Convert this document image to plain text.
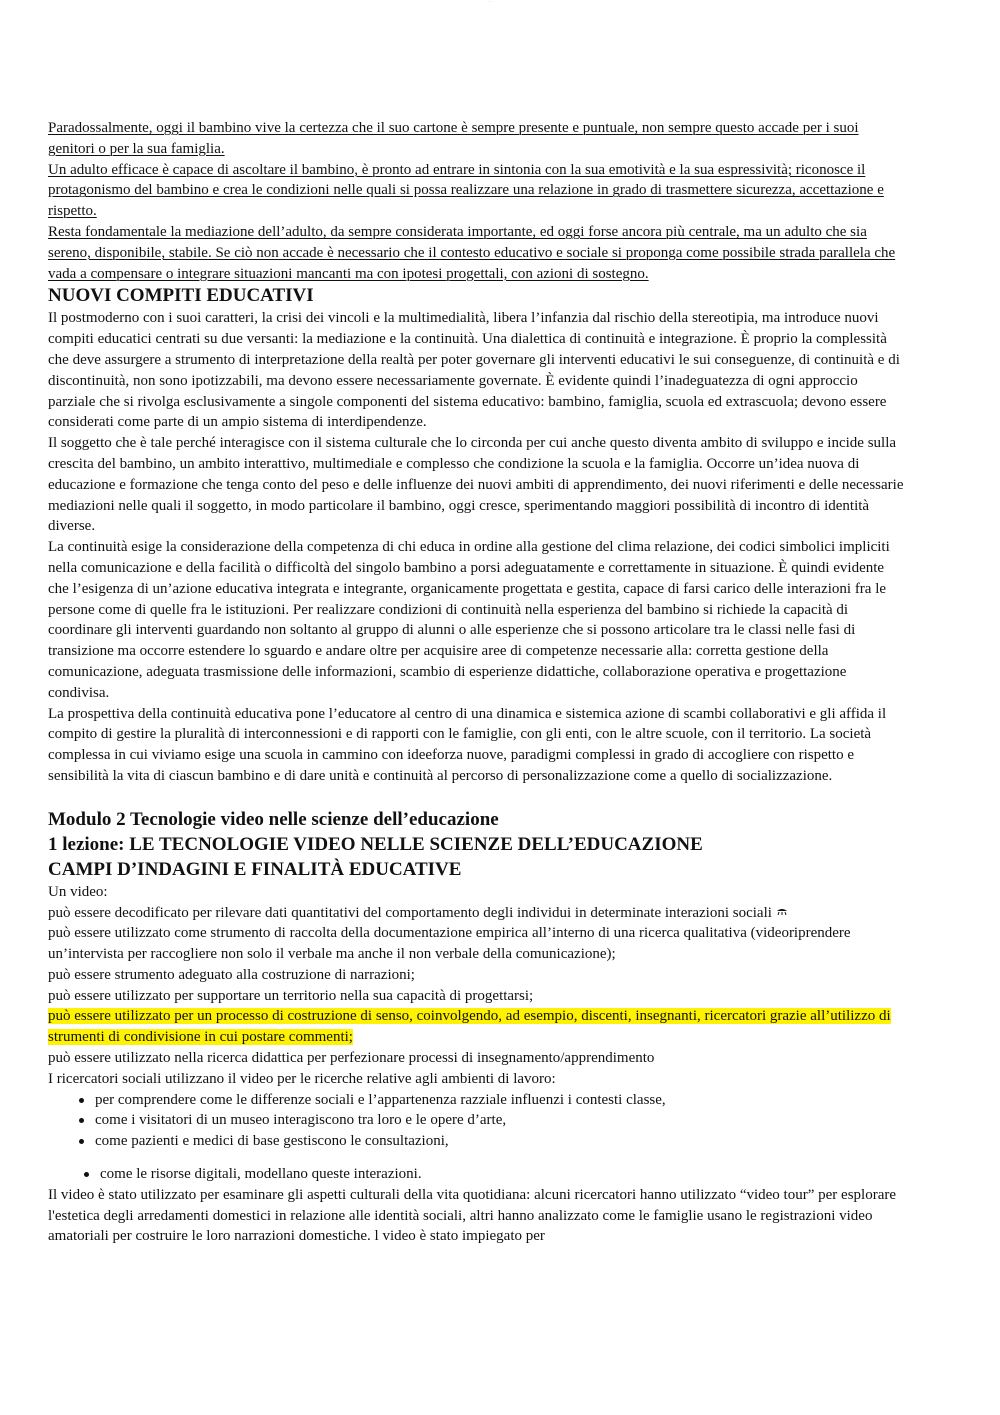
·····

Paradossalmente, oggi il bambino vive la certezza che il suo cartone è sempre presente e puntuale, non sempre questo accade per i suoi genitori o per la sua famiglia.

Un adulto efficace è capace di ascoltare il bambino, è pronto ad entrare in sintonia con la sua emotività e la sua espressività; riconosce il protagonismo del bambino e crea le condizioni nelle quali si possa realizzare una relazione in grado di trasmettere sicurezza, accettazione e rispetto.

Resta fondamentale la mediazione dell’adulto, da sempre considerata importante, ed oggi forse ancora più centrale, ma un adulto che sia sereno, disponibile, stabile. Se ciò non accade è necessario che il contesto educativo e sociale si proponga come possibile strada parallela che vada a compensare o integrare situazioni mancanti ma con ipotesi progettali, con azioni di sostegno.

NUOVI COMPITI EDUCATIVI

Il postmoderno con i suoi caratteri, la crisi dei vincoli e la multimedialità, libera l’infanzia dal rischio della stereotipia, ma introduce nuovi compiti educatici centrati su due versanti: la mediazione e la continuità. Una dialettica di continuità e integrazione. È proprio la complessità che deve assurgere a strumento di interpretazione della realtà per poter governare gli interventi educativi le sui conseguenze, di continuità e di discontinuità, non sono ipotizzabili, ma devono essere necessariamente governate. È evidente quindi l’inadeguatezza di ogni approccio parziale che si rivolga esclusivamente a singole componenti del sistema educativo: bambino, famiglia, scuola ed extrascuola; devono essere considerati come parte di un ampio sistema di interdipendenze.

Il soggetto che è tale perché interagisce con il sistema culturale che lo circonda per cui anche questo diventa ambito di sviluppo e incide sulla crescita del bambino, un ambito interattivo, multimediale e complesso che condizione la scuola e la famiglia. Occorre un’idea nuova di educazione e formazione che tenga conto del peso e delle influenze dei nuovi ambiti di apprendimento, dei nuovi riferimenti e delle necessarie mediazioni nelle quali il soggetto, in modo particolare il bambino, oggi cresce, sperimentando maggiori possibilità di incontro di identità diverse.

La continuità esige la considerazione della competenza di chi educa in ordine alla gestione del clima relazione, dei codici simbolici impliciti nella comunicazione e della facilità o difficoltà del singolo bambino a porsi adeguatamente e correttamente in situazione. È quindi evidente che l’esigenza di un’azione educativa integrata e integrante, organicamente progettata e gestita, capace di farsi carico delle interazioni fra le persone come di quelle fra le istituzioni. Per realizzare condizioni di continuità nella esperienza del bambino si richiede la capacità di coordinare gli interventi guardando non soltanto al gruppo di alunni o alle esperienze che si possono articolare tra le classi nelle fasi di transizione ma occorre estendere lo sguardo e andare oltre per acquisire aree di competenze necessarie alla: corretta gestione della comunicazione, adeguata trasmissione delle informazioni, scambio di esperienze didattiche, collaborazione operativa e progettazione condivisa.

La prospettiva della continuità educativa pone l’educatore al centro di una dinamica e sistemica azione di scambi collaborativi e gli affida il compito di gestire la pluralità di interconnessioni e di rapporti con le famiglie, con gli enti, con le altre scuole, con il territorio. La società complessa in cui viviamo esige una scuola in cammino con ideeforza nuove, paradigmi complessi in grado di accogliere con rispetto e sensibilità la vita di ciascun bambino e di dare unità e continuità al percorso di personalizzazione come a quello di socializzazione.

Modulo 2 Tecnologie video nelle scienze dell’educazione
1 lezione: LE TECNOLOGIE VIDEO NELLE SCIENZE DELL’EDUCAZIONE
CAMPI D’INDAGINI E FINALITÀ EDUCATIVE

Un video:

può essere decodificato per rilevare dati quantitativi del comportamento degli individui in determinate interazioni sociali

può essere utilizzato come strumento di raccolta della documentazione empirica all’interno di una ricerca qualitativa (videoriprendere un’intervista per raccogliere non solo il verbale ma anche il non verbale della comunicazione);

può essere strumento adeguato alla costruzione di narrazioni;

può essere utilizzato per supportare un territorio nella sua capacità di progettarsi;

può essere utilizzato per un processo di costruzione di senso, coinvolgendo, ad esempio, discenti, insegnanti, ricercatori grazie all’utilizzo di strumenti di condivisione in cui postare commenti;

può essere utilizzato nella ricerca didattica per perfezionare processi di insegnamento/apprendimento

I ricercatori sociali utilizzano il video per le ricerche relative agli ambienti di lavoro:

per comprendere come le differenze sociali e l’appartenenza razziale influenzi i contesti classe,
come i visitatori di un museo interagiscono tra loro e le opere d’arte,
come pazienti e medici di base gestiscono le consultazioni,
come le risorse digitali, modellano queste interazioni.

Il video è stato utilizzato per esaminare gli aspetti culturali della vita quotidiana: alcuni ricercatori hanno utilizzato “video tour” per esplorare l'estetica degli arredamenti domestici in relazione alle identità sociali, altri hanno analizzato come le famiglie usano le registrazioni video amatoriali per costruire le loro narrazioni domestiche. l video è stato impiegato per
